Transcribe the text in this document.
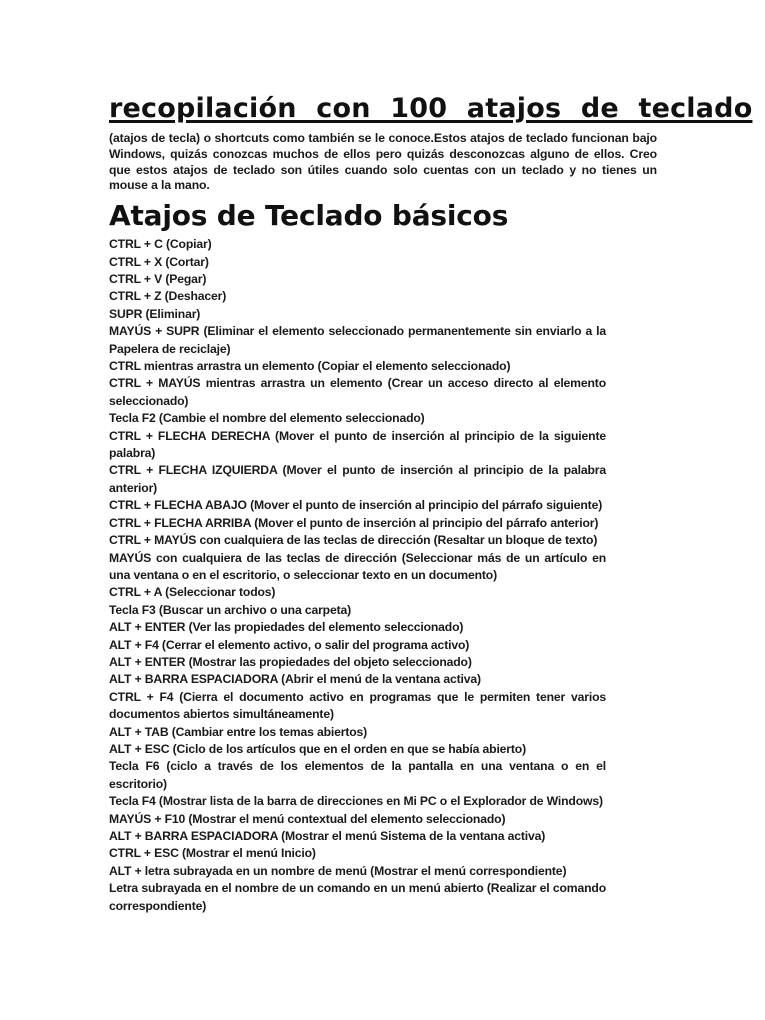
recopilación con 100 atajos de teclado

(atajos de tecla) o shortcuts como también se le conoce.Estos atajos de teclado funcionan bajo Windows, quizás conozcas muchos de ellos pero quizás desconozcas alguno de ellos. Creo que estos atajos de teclado son útiles cuando solo cuentas con un teclado y no tienes un mouse a la mano.

Atajos de Teclado básicos
CTRL + C (Copiar)
CTRL + X (Cortar)
CTRL + V (Pegar)
CTRL + Z (Deshacer)
SUPR (Eliminar)
MAYÚS + SUPR (Eliminar el elemento seleccionado permanentemente sin enviarlo a la Papelera de reciclaje)
CTRL mientras arrastra un elemento (Copiar el elemento seleccionado)
CTRL + MAYÚS mientras arrastra un elemento (Crear un acceso directo al elemento seleccionado)
Tecla F2 (Cambie el nombre del elemento seleccionado)
CTRL + FLECHA DERECHA (Mover el punto de inserción al principio de la siguiente palabra)
CTRL + FLECHA IZQUIERDA (Mover el punto de inserción al principio de la palabra anterior)
CTRL + FLECHA ABAJO (Mover el punto de inserción al principio del párrafo siguiente)
CTRL + FLECHA ARRIBA (Mover el punto de inserción al principio del párrafo anterior)
CTRL + MAYÚS con cualquiera de las teclas de dirección (Resaltar un bloque de texto)
MAYÚS con cualquiera de las teclas de dirección (Seleccionar más de un artículo en una ventana o en el escritorio, o seleccionar texto en un documento)
CTRL + A (Seleccionar todos)
Tecla F3 (Buscar un archivo o una carpeta)
ALT + ENTER (Ver las propiedades del elemento seleccionado)
ALT + F4 (Cerrar el elemento activo, o salir del programa activo)
ALT + ENTER (Mostrar las propiedades del objeto seleccionado)
ALT + BARRA ESPACIADORA (Abrir el menú de la ventana activa)
CTRL + F4 (Cierra el documento activo en programas que le permiten tener varios documentos abiertos simultáneamente)
ALT + TAB (Cambiar entre los temas abiertos)
ALT + ESC (Ciclo de los artículos que en el orden en que se había abierto)
Tecla F6 (ciclo a través de los elementos de la pantalla en una ventana o en el escritorio)
Tecla F4 (Mostrar lista de la barra de direcciones en Mi PC o el Explorador de Windows)
MAYÚS + F10 (Mostrar el menú contextual del elemento seleccionado)
ALT + BARRA ESPACIADORA (Mostrar el menú Sistema de la ventana activa)
CTRL + ESC (Mostrar el menú Inicio)
ALT + letra subrayada en un nombre de menú (Mostrar el menú correspondiente)
Letra subrayada en el nombre de un comando en un menú abierto (Realizar el comando correspondiente)
